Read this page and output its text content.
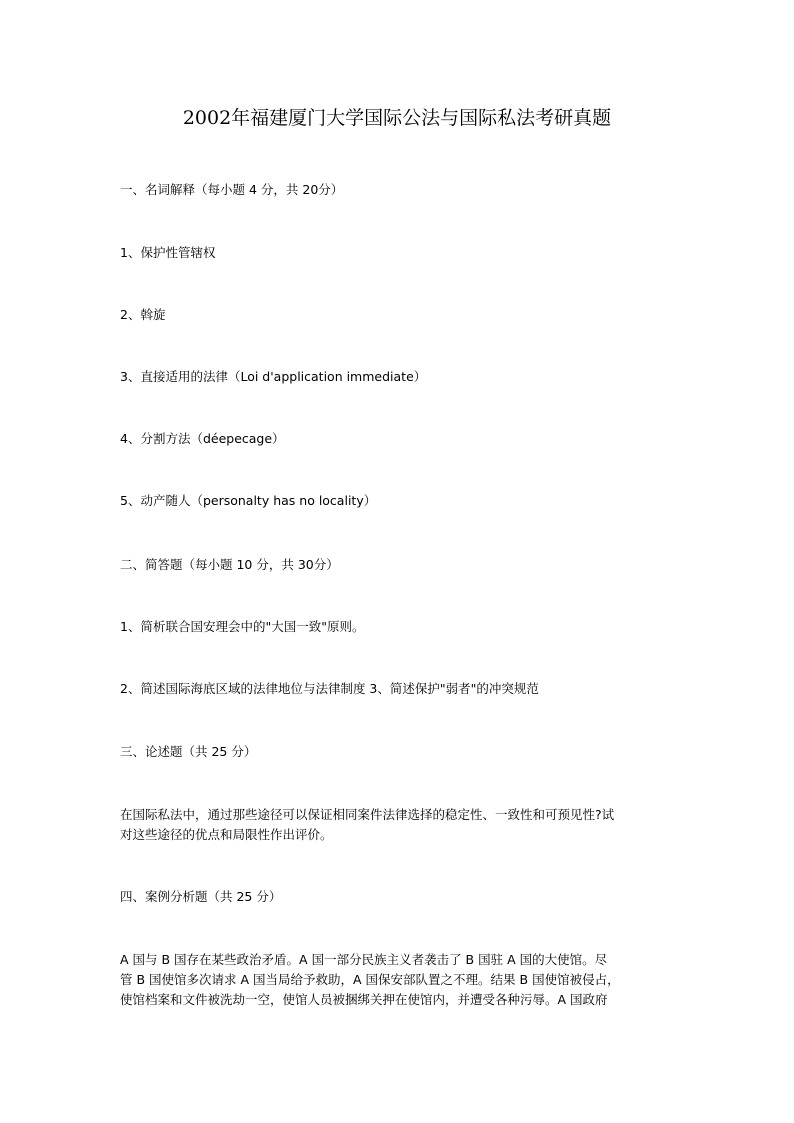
2002年福建厦门大学国际公法与国际私法考研真题
一、名词解释（每小题 4 分，共 20分）
1、保护性管辖权
2、斡旋
3、直接适用的法律（Loi d'application immediate）
4、分割方法（déepecage）
5、动产随人（personalty has no locality）
二、简答题（每小题 10 分，共 30分）
1、简析联合国安理会中的"大国一致"原则。
2、简述国际海底区域的法律地位与法律制度 3、简述保护"弱者"的冲突规范
三、论述题（共 25 分）
在国际私法中，通过那些途径可以保证相同案件法律选择的稳定性、一致性和可预见性?试
对这些途径的优点和局限性作出评价。
四、案例分析题（共 25 分）
A 国与 B 国存在某些政治矛盾。A 国一部分民族主义者袭击了 B 国驻 A 国的大使馆。尽
管 B 国使馆多次请求 A 国当局给予救助，A 国保安部队置之不理。结果 B 国使馆被侵占，
使馆档案和文件被洗劫一空，使馆人员被捆绑关押在使馆内，并遭受各种污辱。A 国政府
